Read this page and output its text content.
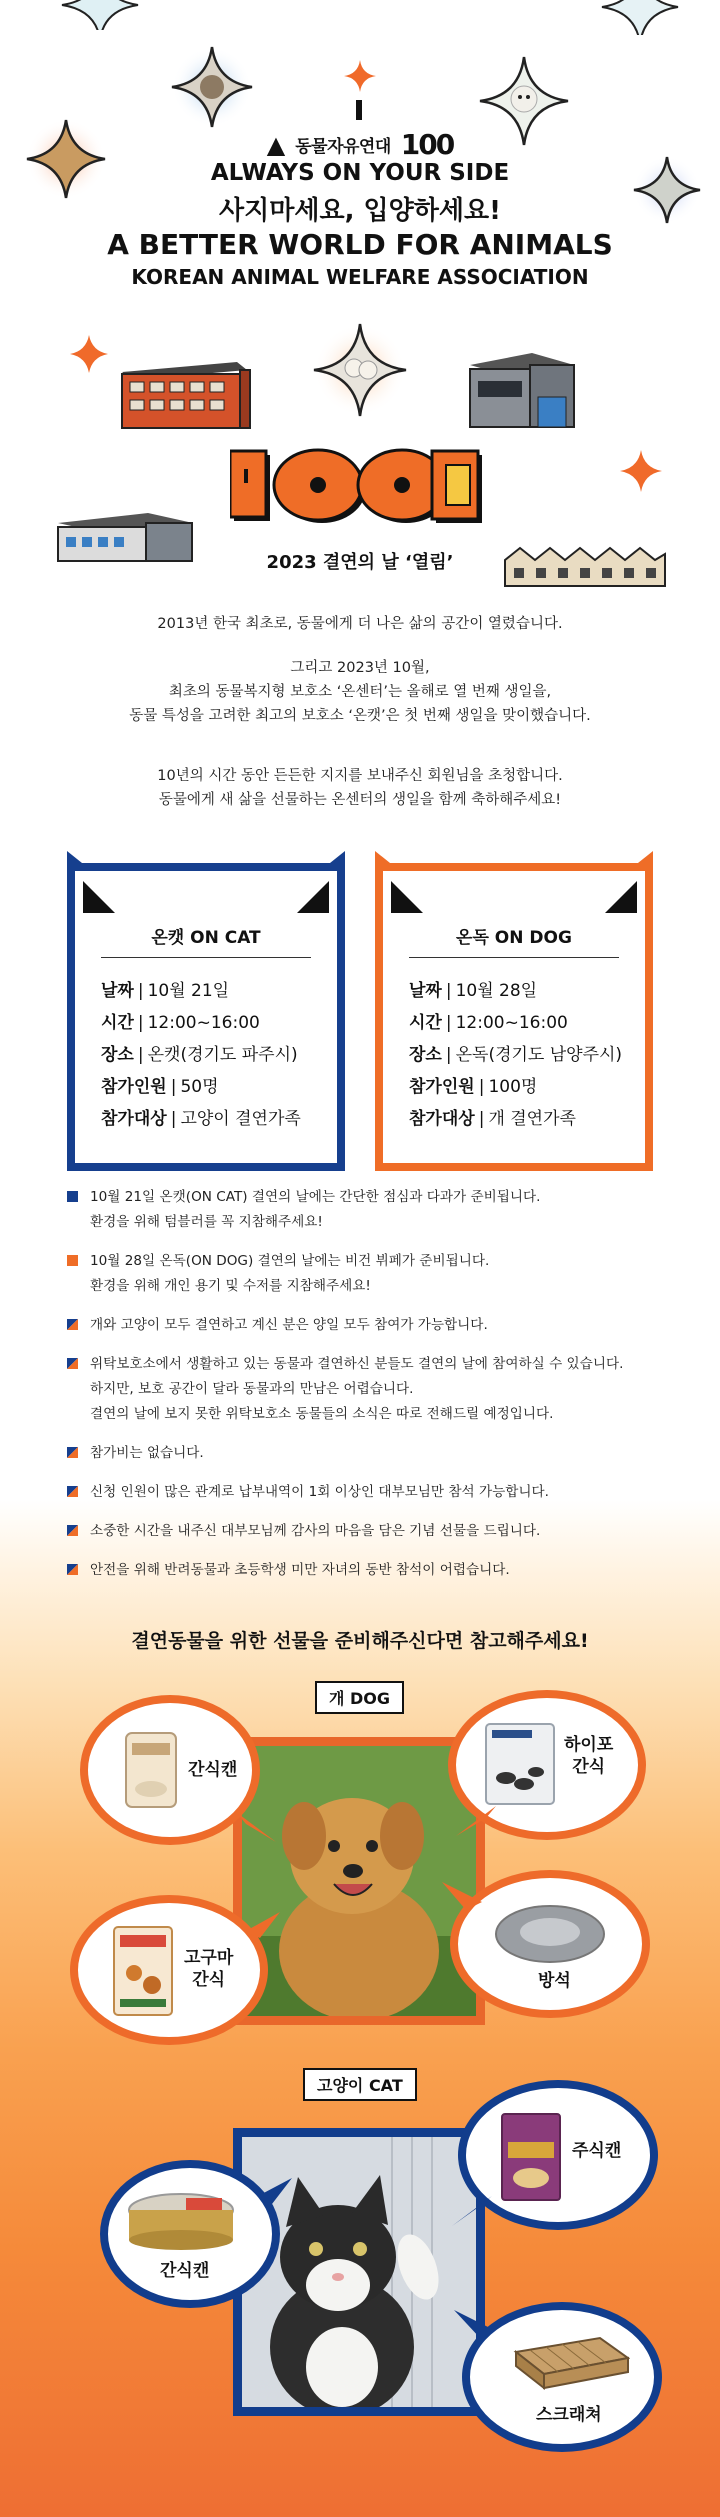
▲ 동물자유연대 100
ALWAYS ON YOUR SIDE
사지마세요, 입양하세요!
A BETTER WORLD FOR ANIMALS
KOREAN ANIMAL WELFARE ASSOCIATION
2023 결연의 날 ‘열림’
2013년 한국 최초로, 동물에게 더 나은 삶의 공간이 열렸습니다.
그리고 2023년 10월,
최초의 동물복지형 보호소 ‘온센터’는 올해로 열 번째 생일을,
동물 특성을 고려한 최고의 보호소 ‘온캣’은 첫 번째 생일을 맞이했습니다.
10년의 시간 동안 든든한 지지를 보내주신 회원님을 초청합니다.
동물에게 새 삶을 선물하는 온센터의 생일을 함께 축하해주세요!
온캣 ON CAT
날짜 | 10월 21일
시간 | 12:00~16:00
장소 | 온캣(경기도 파주시)
참가인원 | 50명
참가대상 | 고양이 결연가족
온독 ON DOG
날짜 | 10월 28일
시간 | 12:00~16:00
장소 | 온독(경기도 남양주시)
참가인원 | 100명
참가대상 | 개 결연가족
10월 21일 온캣(ON CAT) 결연의 날에는 간단한 점심과 다과가 준비됩니다.
환경을 위해 텀블러를 꼭 지참해주세요!
10월 28일 온독(ON DOG) 결연의 날에는 비건 뷔페가 준비됩니다.
환경을 위해 개인 용기 및 수저를 지참해주세요!
개와 고양이 모두 결연하고 계신 분은 양일 모두 참여가 가능합니다.
위탁보호소에서 생활하고 있는 동물과 결연하신 분들도 결연의 날에 참여하실 수 있습니다.
하지만, 보호 공간이 달라 동물과의 만남은 어렵습니다.
결연의 날에 보지 못한 위탁보호소 동물들의 소식은 따로 전해드릴 예정입니다.
참가비는 없습니다.
신청 인원이 많은 관계로 납부내역이 1회 이상인 대부모님만 참석 가능합니다.
소중한 시간을 내주신 대부모님께 감사의 마음을 담은 기념 선물을 드립니다.
안전을 위해 반려동물과 초등학생 미만 자녀의 동반 참석이 어렵습니다.
결연동물을 위한 선물을 준비해주신다면 참고해주세요!
개 DOG
간식캔
하이포
간식
고구마
간식	방석
고양이 CAT
주식캔
간식캔
스크래쳐
